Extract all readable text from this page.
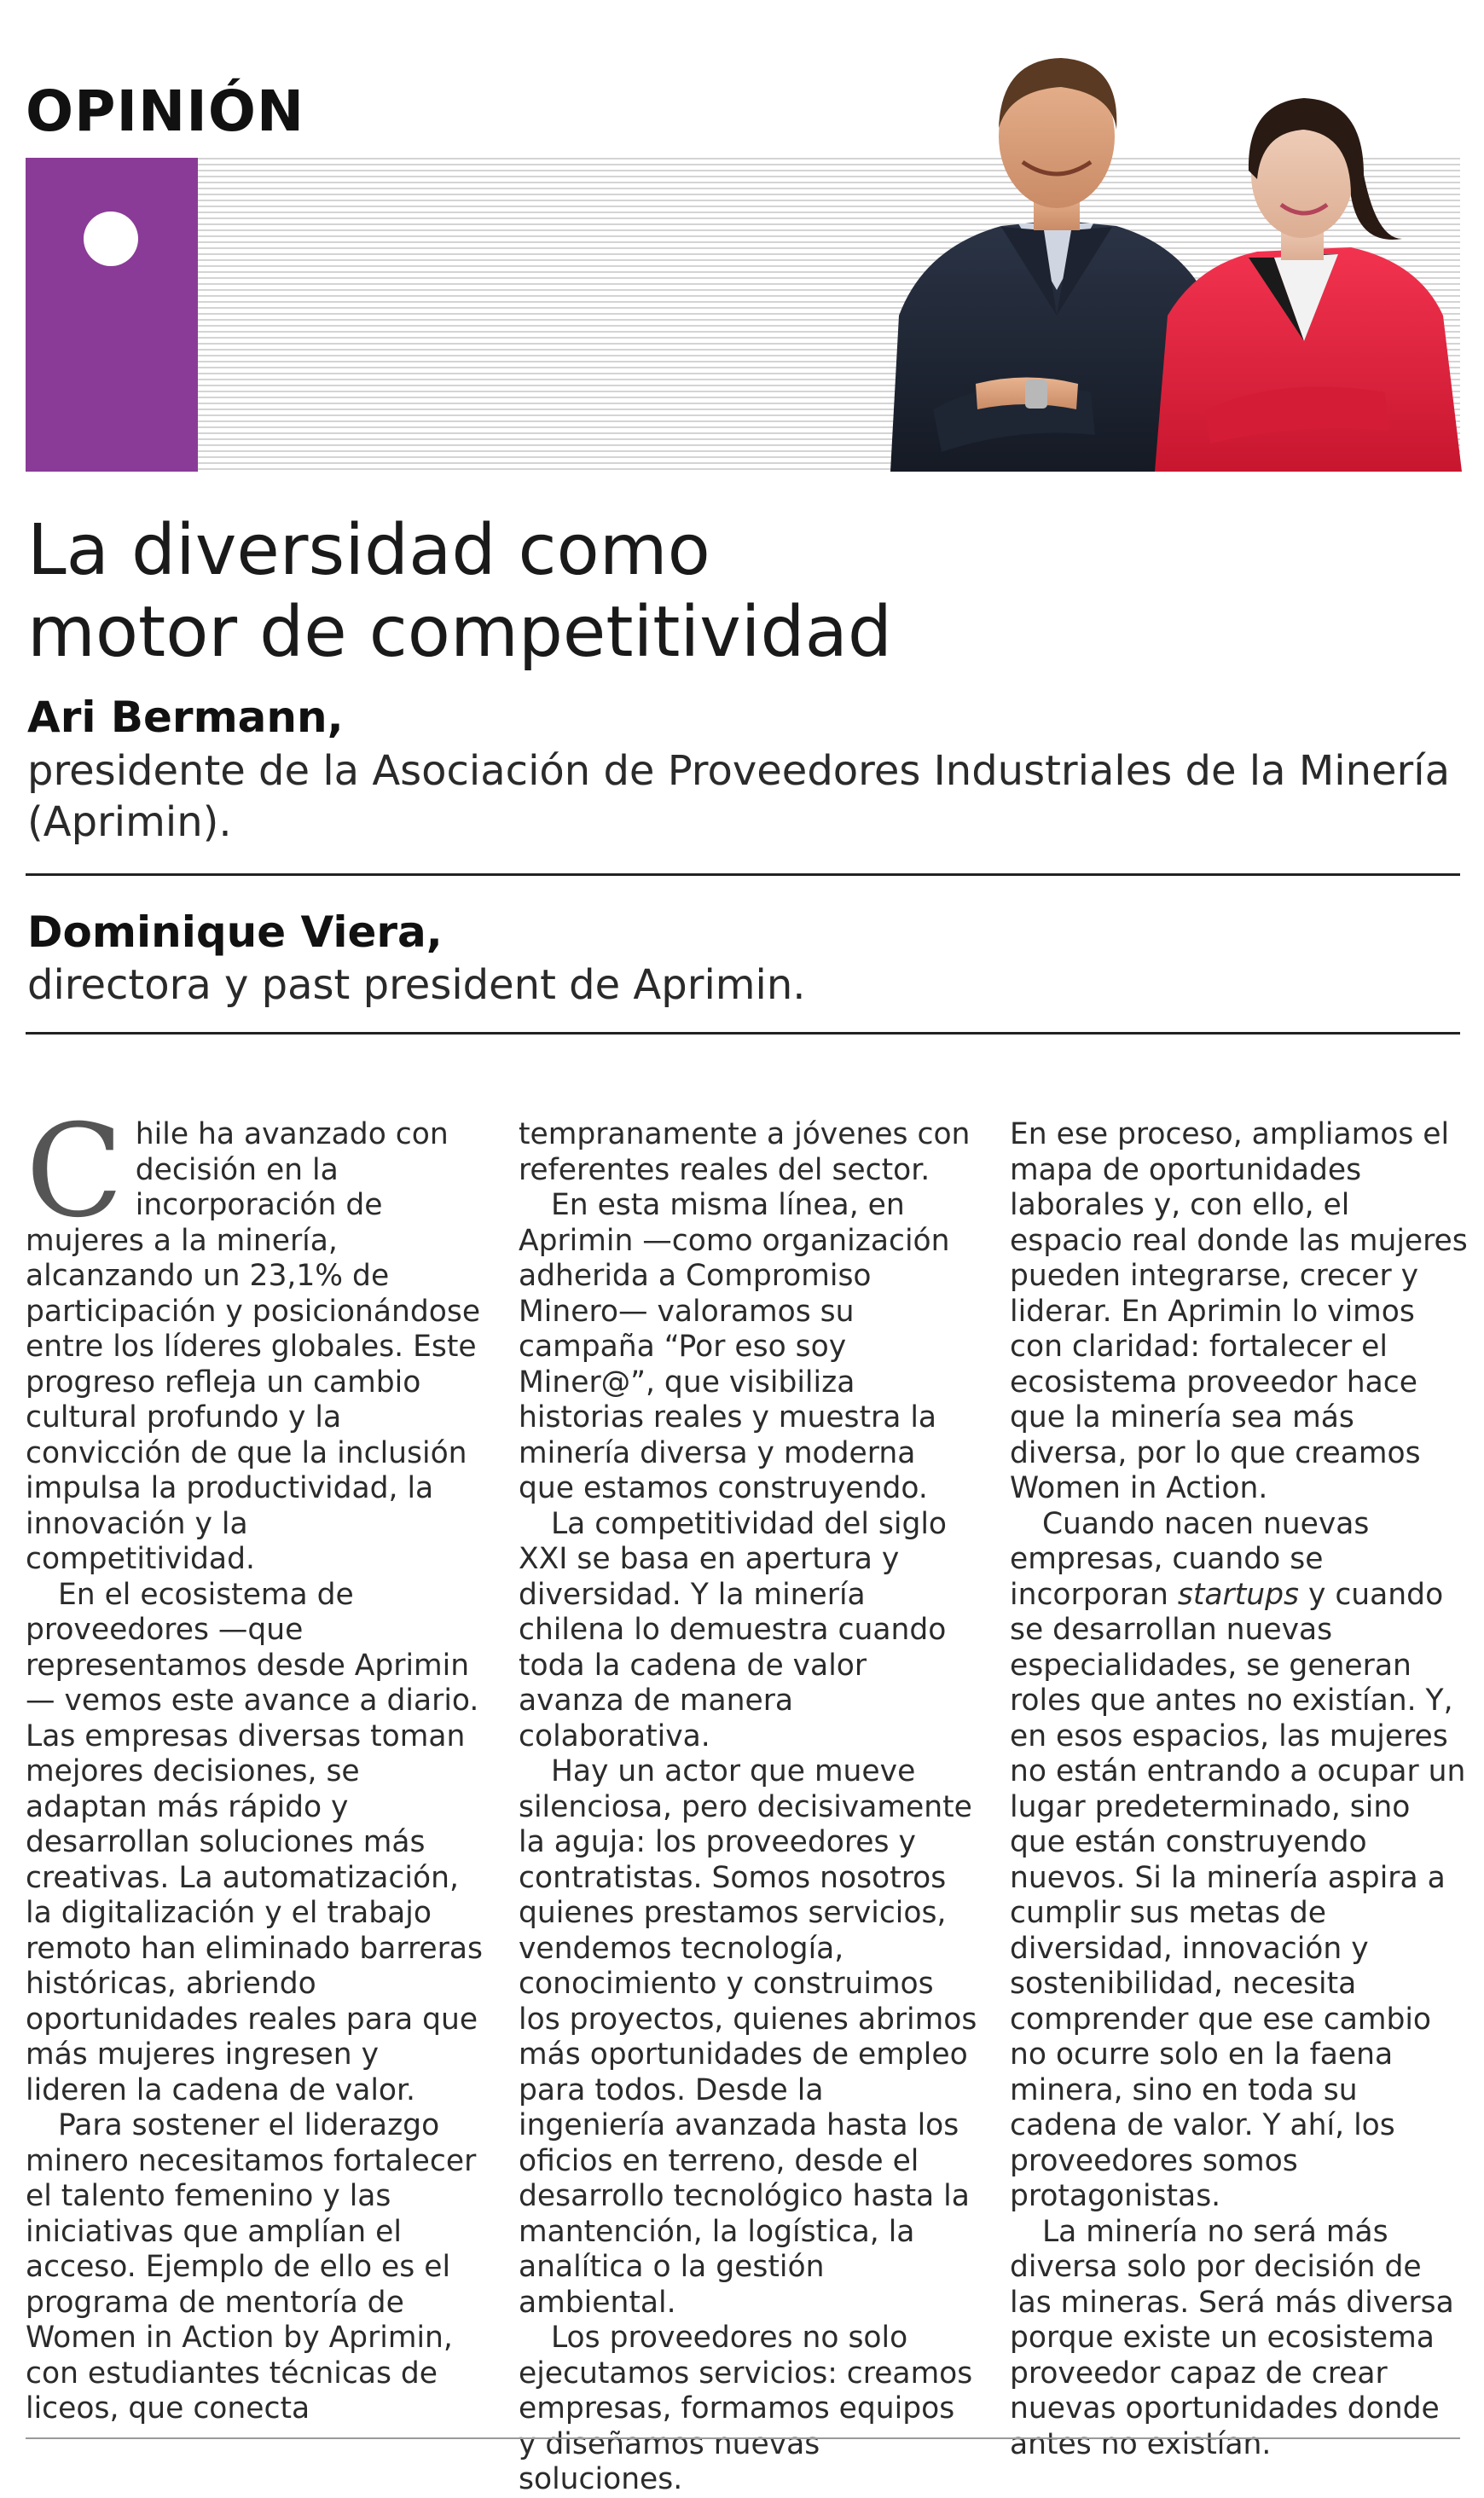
OPINIÓN
La diversidad como
motor de competitividad
Ari Bermann,
presidente de la Asociación de Proveedores Industriales de la Minería (Aprimin).
Dominique Viera,
directora y past president de Aprimin.

Chile ha avanzado con decisión en la incorporación de mujeres a la minería, alcanzando un 23,1% de participación y posicionándose entre los líderes globales. Este progreso refleja un cambio cultural profundo y la convicción de que la inclusión impulsa la productividad, la innovación y la competitividad.

En el ecosistema de proveedores —que representamos desde Aprimin— vemos este avance a diario. Las empresas diversas toman mejores decisiones, se adaptan más rápido y desarrollan soluciones más creativas. La automatización, la digitalización y el trabajo remoto han eliminado barreras históricas, abriendo oportunidades reales para que más mujeres ingresen y lideren la cadena de valor.

Para sostener el liderazgo minero necesitamos fortalecer el talento femenino y las iniciativas que amplían el acceso. Ejemplo de ello es el programa de mentoría de Women in Action by Aprimin, con estudiantes técnicas de liceos, que conecta

tempranamente a jóvenes con referentes reales del sector.

En esta misma línea, en Aprimin —como organización adherida a Compromiso Minero— valoramos su campaña “Por eso soy Miner@”, que visibiliza historias reales y muestra la minería diversa y moderna que estamos construyendo.

La competitividad del siglo XXI se basa en apertura y diversidad. Y la minería chilena lo demuestra cuando toda la cadena de valor avanza de manera colaborativa.

Hay un actor que mueve silenciosa, pero decisivamente la aguja: los proveedores y contratistas. Somos nosotros quienes prestamos servicios, vendemos tecnología, conocimiento y construimos los proyectos, quienes abrimos más oportunidades de empleo para todos. Desde la ingeniería avanzada hasta los oficios en terreno, desde el desarrollo tecnológico hasta la mantención, la logística, la analítica o la gestión ambiental.

Los proveedores no solo ejecutamos servicios: creamos empresas, formamos equipos y diseñamos nuevas soluciones.

En ese proceso, ampliamos el mapa de oportunidades laborales y, con ello, el espacio real donde las mujeres pueden integrarse, crecer y liderar. En Aprimin lo vimos con claridad: fortalecer el ecosistema proveedor hace que la minería sea más diversa, por lo que creamos Women in Action.

Cuando nacen nuevas empresas, cuando se incorporan startups y cuando se desarrollan nuevas especialidades, se generan roles que antes no existían. Y, en esos espacios, las mujeres no están entrando a ocupar un lugar predeterminado, sino que están construyendo nuevos. Si la minería aspira a cumplir sus metas de diversidad, innovación y sostenibilidad, necesita comprender que ese cambio no ocurre solo en la faena minera, sino en toda su cadena de valor. Y ahí, los proveedores somos protagonistas.

La minería no será más diversa solo por decisión de las mineras. Será más diversa porque existe un ecosistema proveedor capaz de crear nuevas oportunidades donde antes no existían.
